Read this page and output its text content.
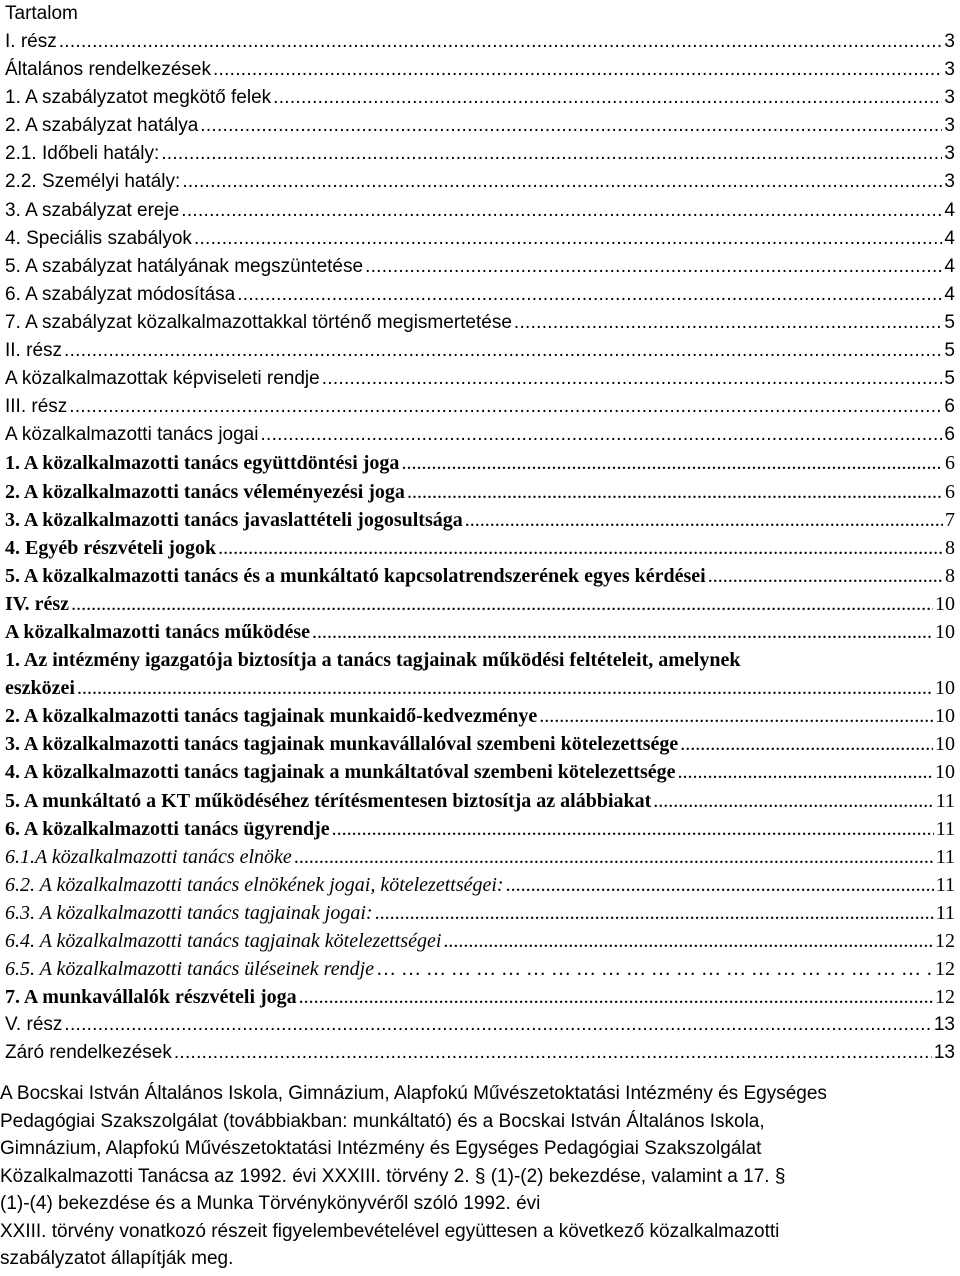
Tartalom
I. rész . . .	3
Általános rendelkezések . . .	3
1. A szabályzatot megkötő felek . . .	3
2. A szabályzat hatálya . . .	3
2.1. Időbeli hatály: . . .	3
2.2. Személyi hatály: . . .	3
3. A szabályzat ereje . . .	4
4. Speciális szabályok . . .	4
5. A szabályzat hatályának megszüntetése . . .	4
6. A szabályzat módosítása . . .	4
7. A szabályzat közalkalmazottakkal történő megismertetése . . .	5
II. rész . . .	5
A közalkalmazottak képviseleti rendje . . .	5
III. rész . . .	6
A közalkalmazotti tanács jogai . . .	6
1. A közalkalmazotti tanács együttdöntési joga . . .	6
2. A közalkalmazotti tanács véleményezési joga . . .	6
3. A közalkalmazotti tanács javaslattételi jogosultsága . . .	7
4. Egyéb részvételi jogok . . .	8
5. A közalkalmazotti tanács és a munkáltató kapcsolatrendszerének egyes kérdései . . .	8
IV. rész . . .	10
A közalkalmazotti tanács működése . . .	10
1. Az intézmény igazgatója biztosítja a tanács tagjainak működési feltételeit, amelynek
eszközei . . .	10
2. A közalkalmazotti tanács tagjainak munkaidő-kedvezménye . . .	10
3. A közalkalmazotti tanács tagjainak munkavállalóval szembeni kötelezettsége . . .	10
4. A közalkalmazotti tanács tagjainak a munkáltatóval szembeni kötelezettsége . . .	10
5. A munkáltató a KT működéséhez térítésmentesen biztosítja az alábbiakat . . .	11
6. A közalkalmazotti tanács ügyrendje . . .	11
6.1.A közalkalmazotti tanács elnöke . . .	11
6.2. A közalkalmazotti tanács elnökének jogai, kötelezettségei: . . .	11
6.3. A közalkalmazotti tanács tagjainak jogai: . . .	11
6.4. A közalkalmazotti tanács tagjainak kötelezettségei . . .	12
6.5. A közalkalmazotti tanács üléseinek rendje … … … … … … … … … … … … … … … … … … … … … … … … … … … … … … … … … … … … … … … … … … … … … … … … … … … … … … … … … … … … … … … … … … … … … … … … … … … …	12
7. A munkavállalók részvételi joga . . .	12
V. rész . . .	13
Záró rendelkezések . . .	13
A Bocskai István Általános Iskola, Gimnázium, Alapfokú Művészetoktatási Intézmény és Egységes
Pedagógiai Szakszolgálat (továbbiakban: munkáltató) és a Bocskai István Általános Iskola,
Gimnázium, Alapfokú Művészetoktatási Intézmény és Egységes Pedagógiai Szakszolgálat
Közalkalmazotti Tanácsa az 1992. évi XXXIII. törvény 2. § (1)-(2) bekezdése, valamint a 17. §
(1)-(4) bekezdése és a Munka Törvénykönyvéről szóló 1992. évi
XXIII. törvény vonatkozó részeit figyelembevételével együttesen a következő közalkalmazotti
szabályzatot állapítják meg.
